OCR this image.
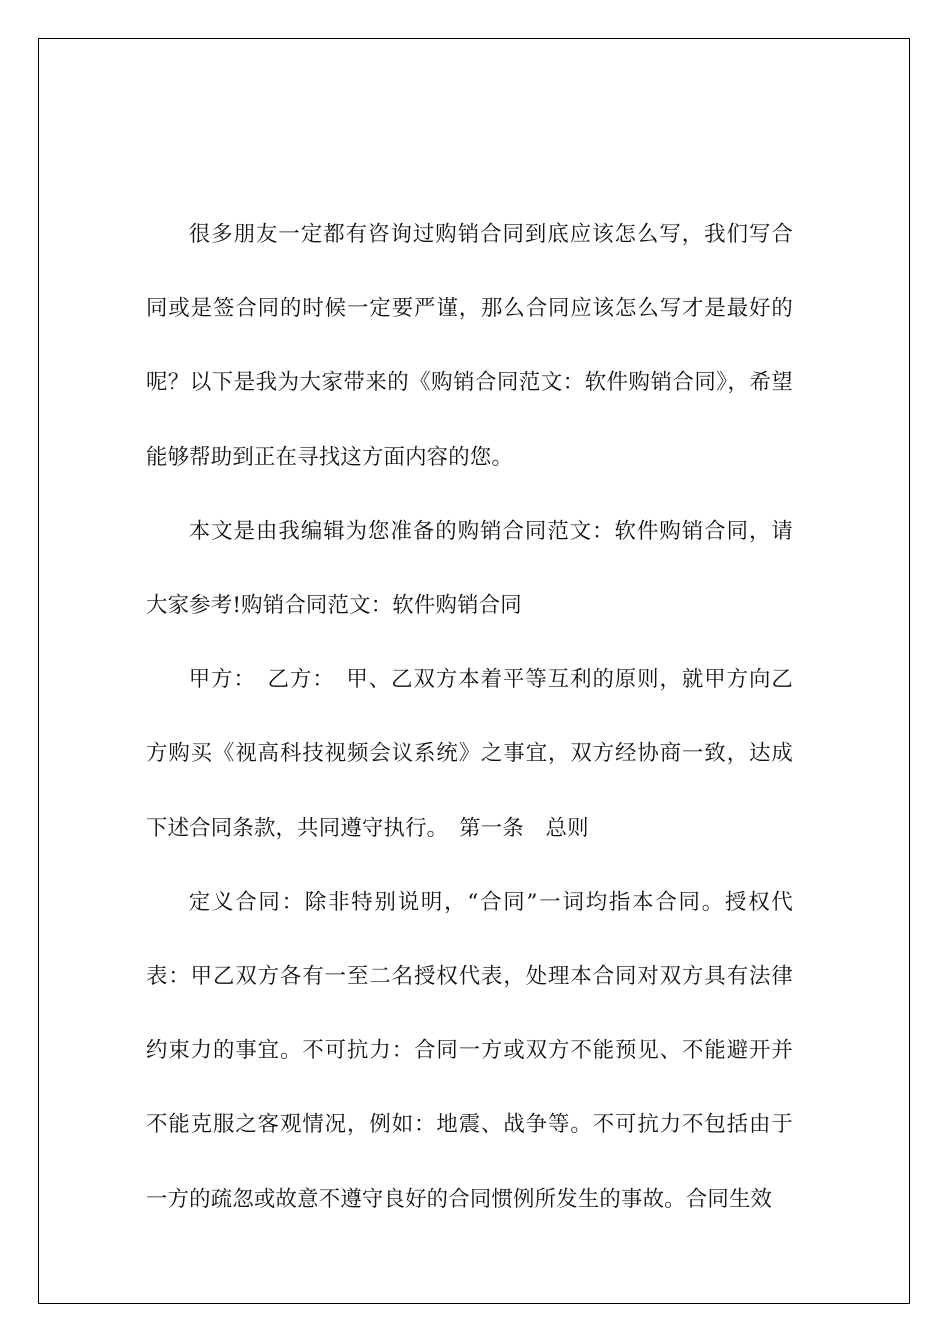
很多朋友一定都有咨询过购销合同到底应该怎么写，我们写合同或是签合同的时候一定要严谨，那么合同应该怎么写才是最好的呢？以下是我为大家带来的《购销合同范文：软件购销合同》，希望能够帮助到正在寻找这方面内容的您。

本文是由我编辑为您准备的购销合同范文：软件购销合同，请大家参考!购销合同范文：软件购销合同

甲方：　乙方：　甲、乙双方本着平等互利的原则，就甲方向乙方购买《视高科技视频会议系统》之事宜，双方经协商一致，达成下述合同条款，共同遵守执行。　第一条　总则

定义合同：除非特别说明，“合同”一词均指本合同。授权代表：甲乙双方各有一至二名授权代表，处理本合同对双方具有法律约束力的事宜。不可抗力：合同一方或双方不能预见、不能避开并不能克服之客观情况，例如：地震、战争等。不可抗力不包括由于一方的疏忽或故意不遵守良好的合同惯例所发生的事故。合同生效
